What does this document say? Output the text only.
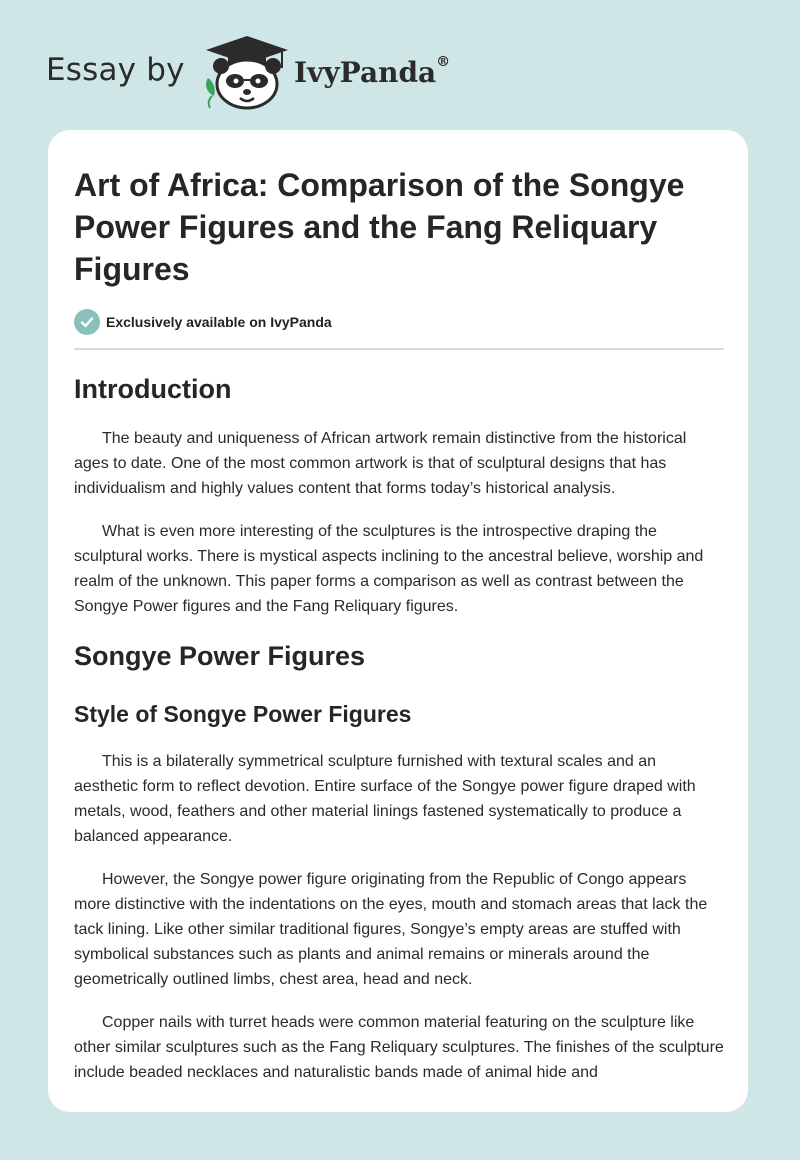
Essay by	IvyPanda®
Art of Africa: Comparison of the Songye Power Figures and the Fang Reliquary Figures
Exclusively available on IvyPanda
Introduction

The beauty and uniqueness of African artwork remain distinctive from the historical ages to date. One of the most common artwork is that of sculptural designs that has individualism and highly values content that forms today’s historical analysis.

What is even more interesting of the sculptures is the introspective draping the sculptural works. There is mystical aspects inclining to the ancestral believe, worship and realm of the unknown. This paper forms a comparison as well as contrast between the Songye Power figures and the Fang Reliquary figures.

Songye Power Figures
Style of Songye Power Figures

This is a bilaterally symmetrical sculpture furnished with textural scales and an aesthetic form to reflect devotion. Entire surface of the Songye power figure draped with metals, wood, feathers and other material linings fastened systematically to produce a balanced appearance.

However, the Songye power figure originating from the Republic of Congo appears more distinctive with the indentations on the eyes, mouth and stomach areas that lack the tack lining. Like other similar traditional figures, Songye’s empty areas are stuffed with symbolical substances such as plants and animal remains or minerals around the geometrically outlined limbs, chest area, head and neck.

Copper nails with turret heads were common material featuring on the sculpture like other similar sculptures such as the Fang Reliquary sculptures. The finishes of the sculpture include beaded necklaces and naturalistic bands made of animal hide and
